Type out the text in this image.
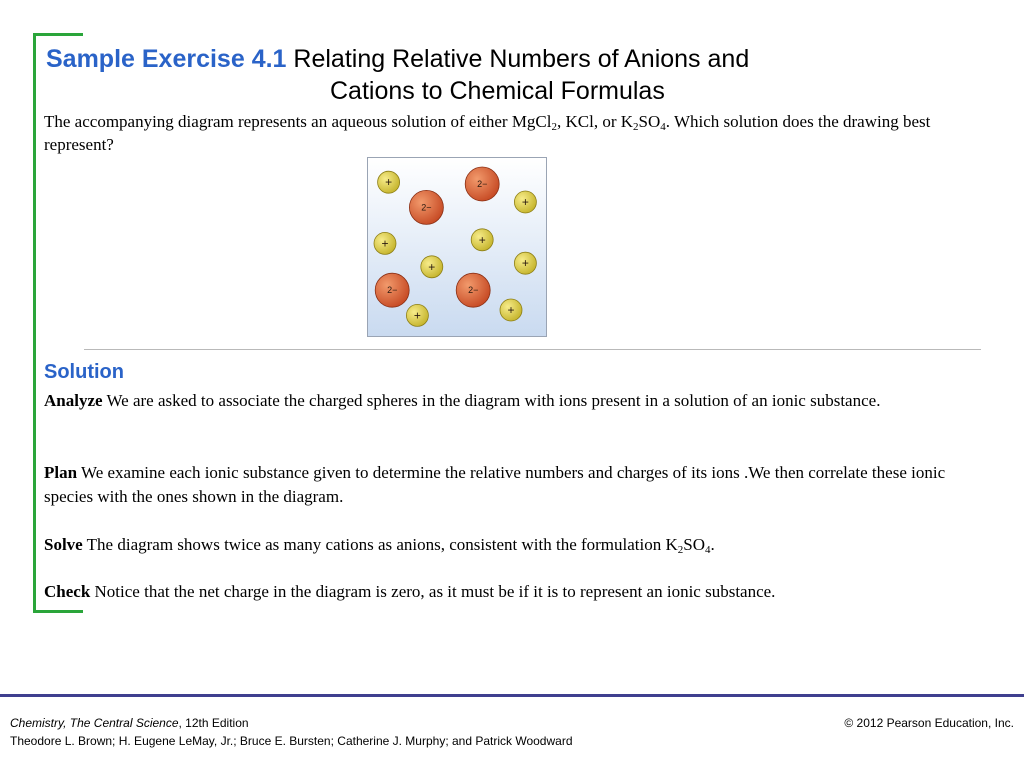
Sample Exercise 4.1 Relating Relative Numbers of Anions and
Cations to Chemical Formulas
The accompanying diagram represents an aqueous solution of either MgCl$_2$, KCl, or $K_2SO_4$. Which solution does the drawing best represent?
+	2−
2−	+
+	+
+	+
2−	2−
+	+
Solution
Analyze We are asked to associate the charged spheres in the diagram with ions present in a solution of an ionic substance.
Plan We examine each ionic substance given to determine the relative numbers and charges of its ions .We then correlate these ionic species with the ones shown in the diagram.
Solve The diagram shows twice as many cations as anions, consistent with the formulation $K_2SO_4$.
Check Notice that the net charge in the diagram is zero, as it must be if it is to represent an ionic substance.
Chemistry, The Central Science, 12th Edition
Theodore L. Brown; H. Eugene LeMay, Jr.; Bruce E. Bursten; Catherine J. Murphy; and Patrick Woodward
© 2012 Pearson Education, Inc.
